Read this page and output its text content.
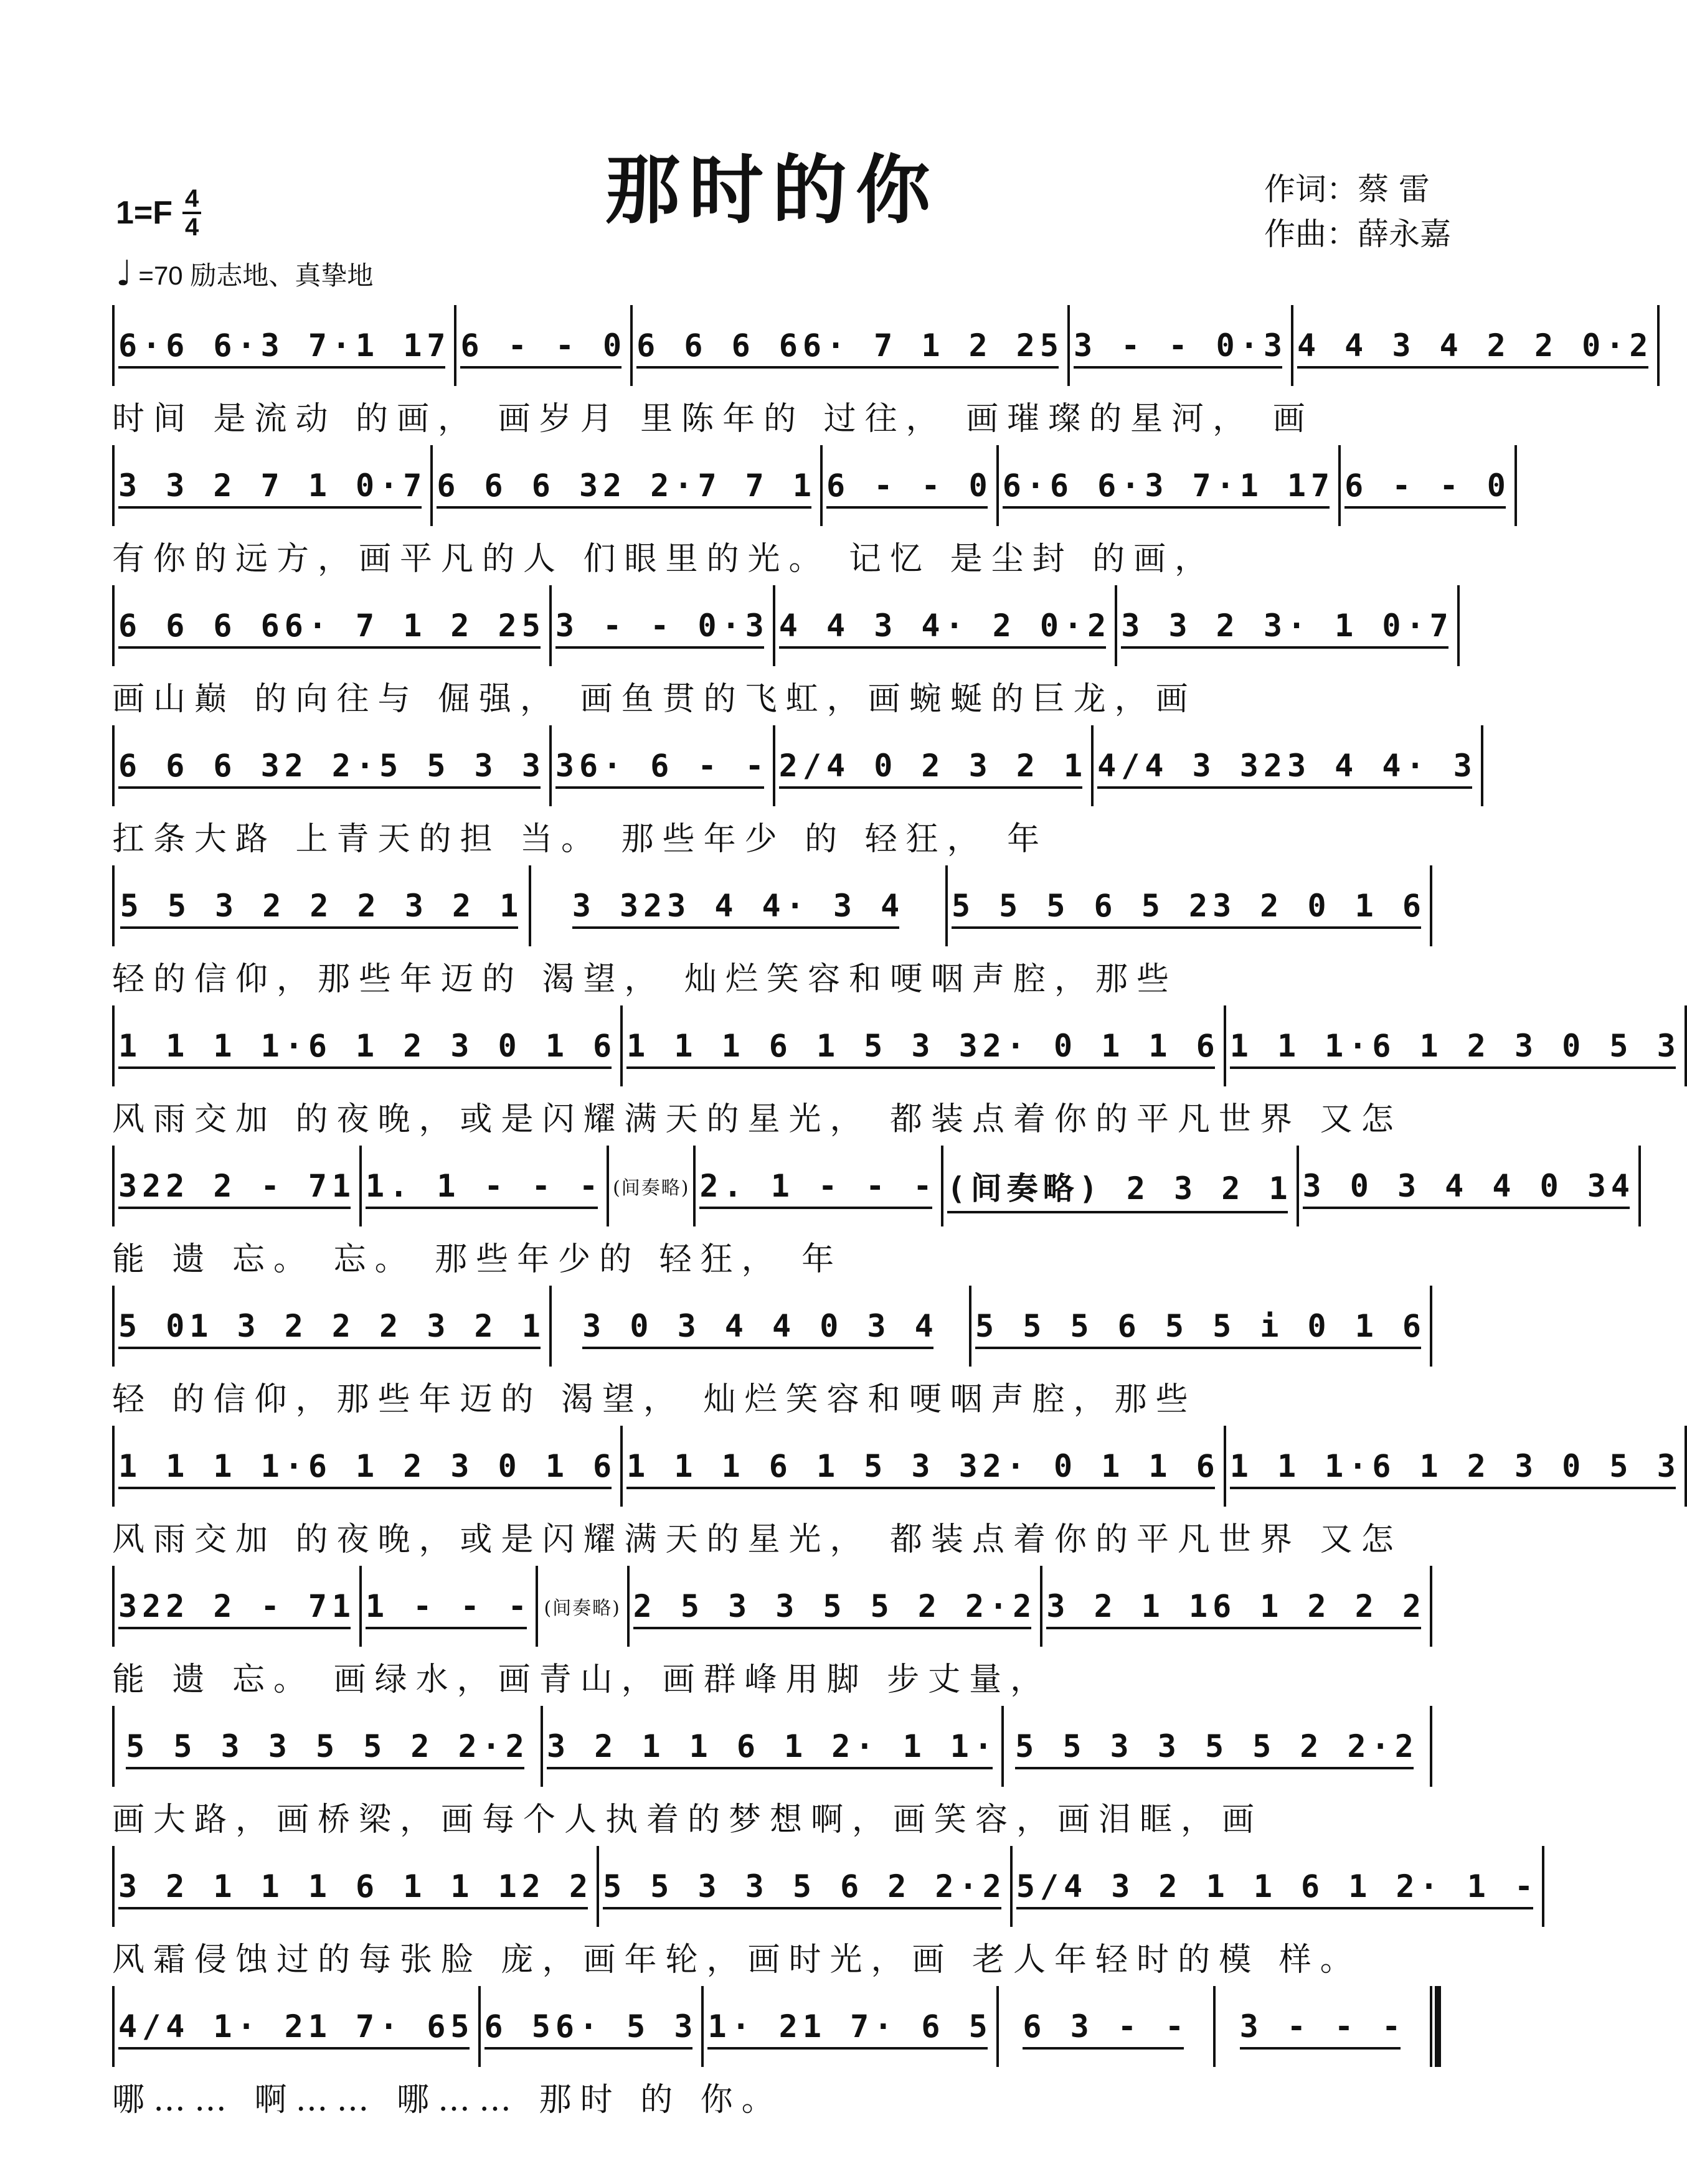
那时的你	作词：蔡 雷
作曲：薛永嘉
1=F 4
4
♩ =70 励志地、真挚地
6·6 6·3 7·1 17 6 - - 0 6 6 6 66· 7 1 2 25 3 - - 0·3 4 4 3 4 2 2 0·2
时间 是流动 的画， 画岁月 里陈年的 过往， 画璀璨的星河， 画
3 3 2 7 1 0·7 6 6 6 32 2·7 7 1 6 - - 0 6·6 6·3 7·1 17 6 - - 0
有你的远方，画平凡的人 们眼里的光。 记忆 是尘封 的画，
6 6 6 66· 7 1 2 25 3 - - 0·3 4 4 3 4· 2 0·2 3 3 2 3· 1 0·7
画山巅 的向往与 倔强， 画鱼贯的飞虹，画蜿蜒的巨龙，画
6 6 6 32 2·5 5 3 3 36· 6 - - 2/4 0 2 3 2 1 4/4 3 323 4 4· 3
扛条大路 上青天的担 当。 那些年少 的 轻狂， 年
5 5 3 2 2 2 3 2 1 3 323 4 4· 3 4 5 5 5 6 5 23 2 0 1 6
轻的信仰，那些年迈的 渴望， 灿烂笑容和哽咽声腔，那些
1 1 1 1·6 1 2 3 0 1 6 1 1 1 6 1 5 3 32· 0 1 1 6 1 1 1·6 1 2 3 0 5 3
风雨交加 的夜晚，或是闪耀满天的星光， 都装点着你的平凡世界 又怎
322 2 - 71 1. 1 - - - (间奏略) 2. 1 - - - (间奏略) 2 3 2 1 3 0 3 4 4 0 34
能 遗 忘。 忘。 那些年少的 轻狂， 年
5 01 3 2 2 2 3 2 1 3 0 3 4 4 0 3 4 5 5 5 6 5 5 i 0 1 6
轻 的信仰，那些年迈的 渴望， 灿烂笑容和哽咽声腔，那些
1 1 1 1·6 1 2 3 0 1 6 1 1 1 6 1 5 3 32· 0 1 1 6 1 1 1·6 1 2 3 0 5 3
风雨交加 的夜晚，或是闪耀满天的星光， 都装点着你的平凡世界 又怎
322 2 - 71 1 - - - (间奏略) 2 5 3 3 5 5 2 2·2 3 2 1 16 1 2 2 2
能 遗 忘。 画绿水，画青山，画群峰用脚 步丈量，
5 5 3 3 5 5 2 2·2 3 2 1 1 6 1 2· 1 1· 5 5 3 3 5 5 2 2·2
画大路，画桥梁，画每个人执着的梦想啊，画笑容，画泪眶，画
3 2 1 1 1 6 1 1 12 2 5 5 3 3 5 6 2 2·2 5/4 3 2 1 1 6 1 2· 1 -
风霜侵蚀过的每张脸 庞，画年轮，画时光，画 老人年轻时的模 样。
4/4 1· 21 7· 65 6 56· 5 3 1· 21 7· 6 5 6 3 - - 3 - - -
哪…… 啊…… 哪…… 那时 的 你。
